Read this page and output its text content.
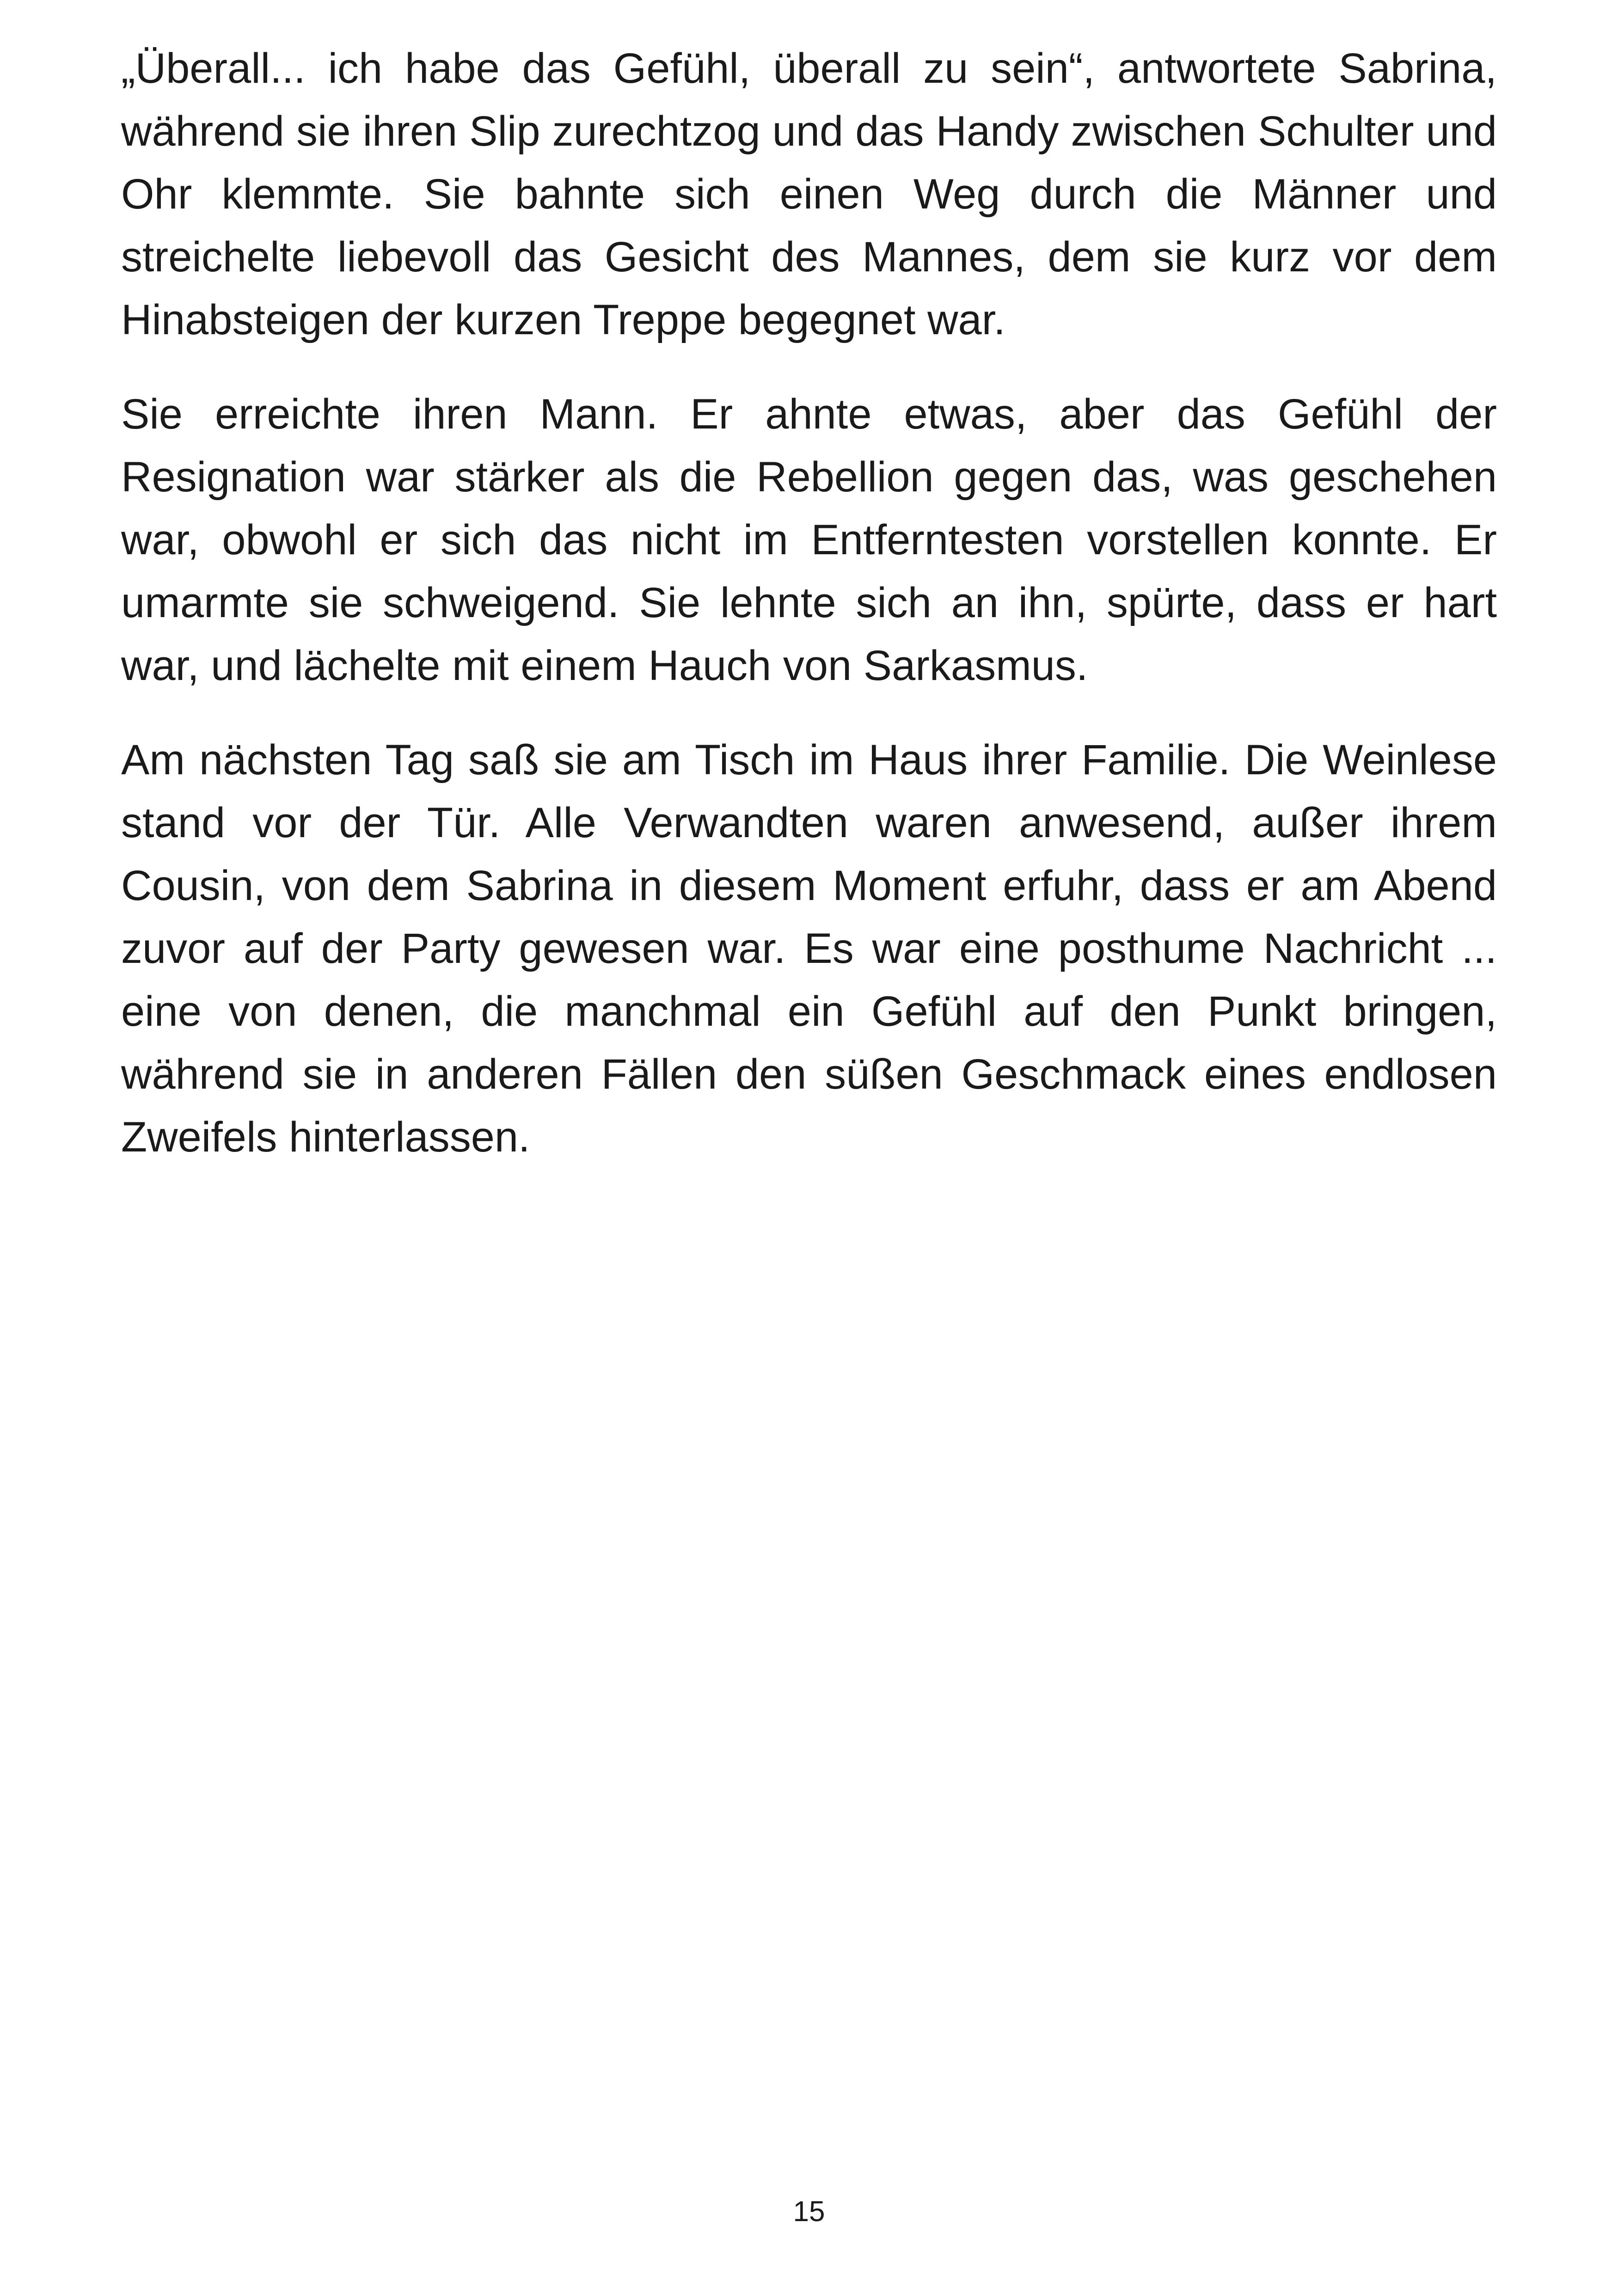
„Überall... ich habe das Gefühl, überall zu sein“, antwortete Sabrina, während sie ihren Slip zurechtzog und das Handy zwischen Schulter und Ohr klemmte. Sie bahnte sich einen Weg durch die Männer und streichelte liebevoll das Gesicht des Mannes, dem sie kurz vor dem Hinabsteigen der kurzen Treppe begegnet war.

Sie erreichte ihren Mann. Er ahnte etwas, aber das Gefühl der Resignation war stärker als die Rebellion gegen das, was geschehen war, obwohl er sich das nicht im Entferntesten vorstellen konnte. Er umarmte sie schweigend. Sie lehnte sich an ihn, spürte, dass er hart war, und lächelte mit einem Hauch von Sarkasmus.

Am nächsten Tag saß sie am Tisch im Haus ihrer Familie. Die Weinlese stand vor der Tür. Alle Verwandten waren anwesend, außer ihrem Cousin, von dem Sabrina in diesem Moment erfuhr, dass er am Abend zuvor auf der Party gewesen war. Es war eine posthume Nachricht ... eine von denen, die manchmal ein Gefühl auf den Punkt bringen, während sie in anderen Fällen den süßen Geschmack eines endlosen Zweifels hinterlassen.

15
